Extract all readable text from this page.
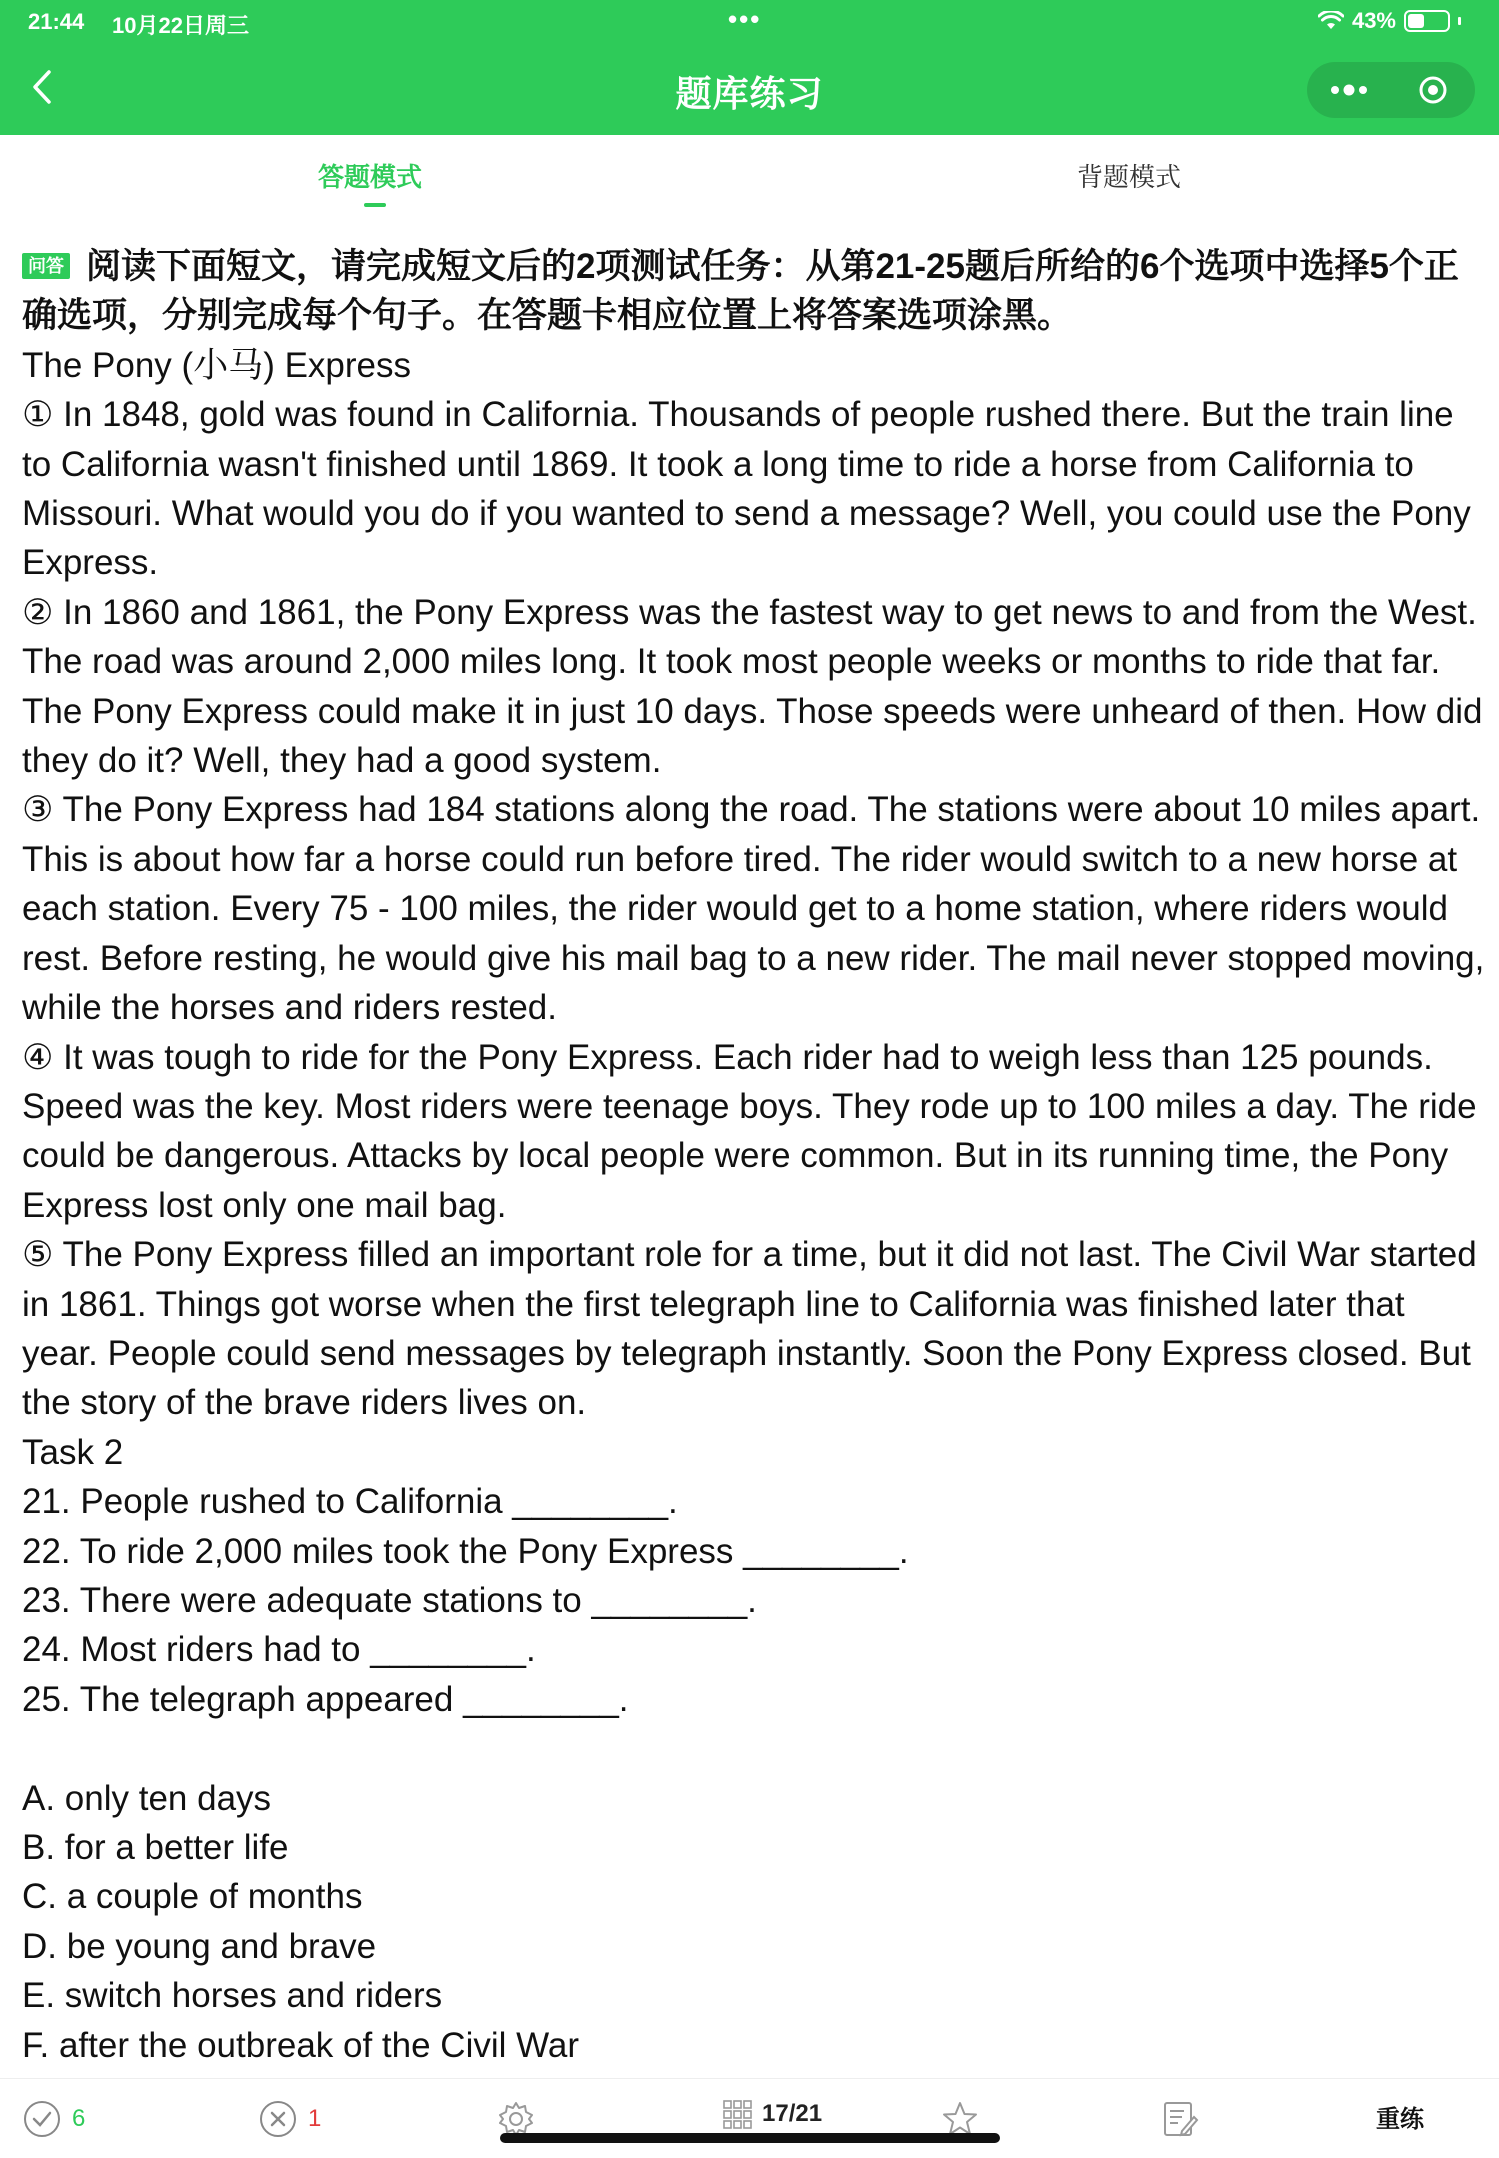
21:44 10月22日周三	•••	43%
题库练习
答题模式	背题模式

问答 阅读下面短文，请完成短文后的2项测试任务：从第21-25题后所给的6个选项中选择5个正确选项，分别完成每个句子。在答题卡相应位置上将答案选项涂黑。

The Pony (小马) Express

① In 1848, gold was found in California. Thousands of people rushed there. But the train line to California wasn't finished until 1869. It took a long time to ride a horse from California to Missouri. What would you do if you wanted to send a message? Well, you could use the Pony Express.

② In 1860 and 1861, the Pony Express was the fastest way to get news to and from the West. The road was around 2,000 miles long. It took most people weeks or months to ride that far. The Pony Express could make it in just 10 days. Those speeds were unheard of then. How did they do it? Well, they had a good system.

③ The Pony Express had 184 stations along the road. The stations were about 10 miles apart. This is about how far a horse could run before tired. The rider would switch to a new horse at each station. Every 75 - 100 miles, the rider would get to a home station, where riders would rest. Before resting, he would give his mail bag to a new rider. The mail never stopped moving, while the horses and riders rested.

④ It was tough to ride for the Pony Express. Each rider had to weigh less than 125 pounds. Speed was the key. Most riders were teenage boys. They rode up to 100 miles a day. The ride could be dangerous. Attacks by local people were common. But in its running time, the Pony Express lost only one mail bag.

⑤ The Pony Express filled an important role for a time, but it did not last. The Civil War started in 1861. Things got worse when the first telegraph line to California was finished later that year. People could send messages by telegraph instantly. Soon the Pony Express closed. But the story of the brave riders lives on.

Task 2

21. People rushed to California ________.

22. To ride 2,000 miles took the Pony Express ________.

23. There were adequate stations to ________.

24. Most riders had to ________.

25. The telegraph appeared ________.

A. only ten days

B. for a better life

C. a couple of months

D. be young and brave

E. switch horses and riders

F. after the outbreak of the Civil War

6	1	17/21	重练
